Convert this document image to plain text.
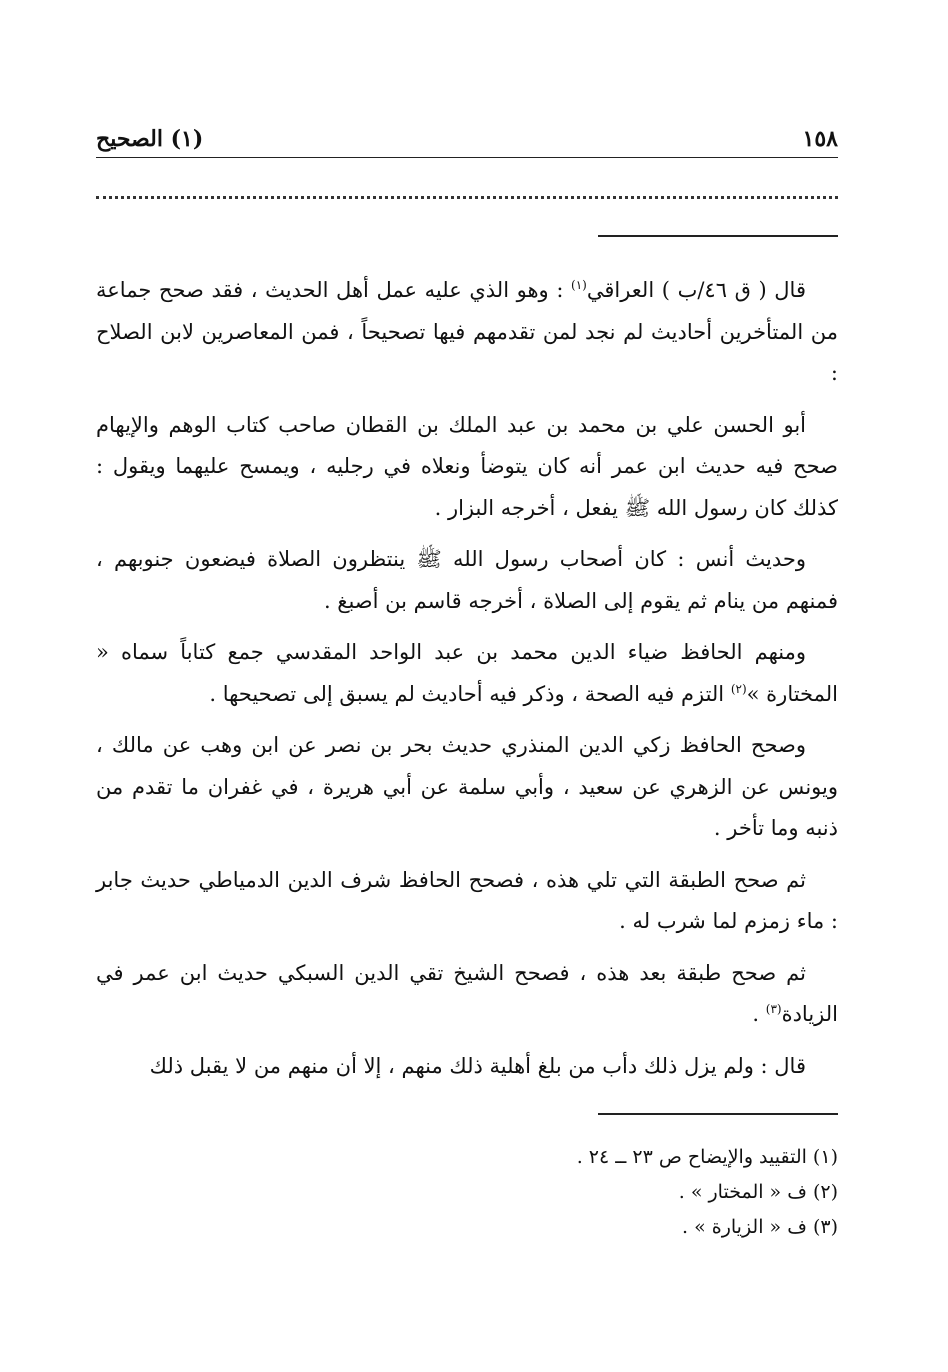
١٥٨
(١) الصحيح

قال ( ق ٤٦/ب ) العراقي$^{(١)}$ : وهو الذي عليه عمل أهل الحديث ، فقد صحح جماعة من المتأخرين أحاديث لم نجد لمن تقدمهم فيها تصحيحاً ، فمن المعاصرين لابن الصلاح :

أبو الحسن علي بن محمد بن عبد الملك بن القطان صاحب كتاب الوهم والإيهام صحح فيه حديث ابن عمر أنه كان يتوضأ ونعلاه في رجليه ، ويمسح عليهما ويقول : كذلك كان رسول الله ﷺ يفعل ، أخرجه البزار .

وحديث أنس : كان أصحاب رسول الله ﷺ ينتظرون الصلاة فيضعون جنوبهم ، فمنهم من ينام ثم يقوم إلى الصلاة ، أخرجه قاسم بن أصبغ .

ومنهم الحافظ ضياء الدين محمد بن عبد الواحد المقدسي جمع كتاباً سماه « المختارة »$^{(٢)}$ التزم فيه الصحة ، وذكر فيه أحاديث لم يسبق إلى تصحيحها .

وصحح الحافظ زكي الدين المنذري حديث بحر بن نصر عن ابن وهب عن مالك ، ويونس عن الزهري عن سعيد ، وأبي سلمة عن أبي هريرة ، في غفران ما تقدم من ذنبه وما تأخر .

ثم صحح الطبقة التي تلي هذه ، فصحح الحافظ شرف الدين الدمياطي حديث جابر : ماء زمزم لما شرب له .

ثم صحح طبقة بعد هذه ، فصحح الشيخ تقي الدين السبكي حديث ابن عمر في الزيادة$^{(٣)}$ .

قال : ولم يزل ذلك دأب من بلغ أهلية ذلك منهم ، إلا أن منهم من لا يقبل ذلك

(١) التقييد والإيضاح ص ٢٣ ــ ٢٤ .

(٢) ف « المختار » .

(٣) ف « الزيارة » .
